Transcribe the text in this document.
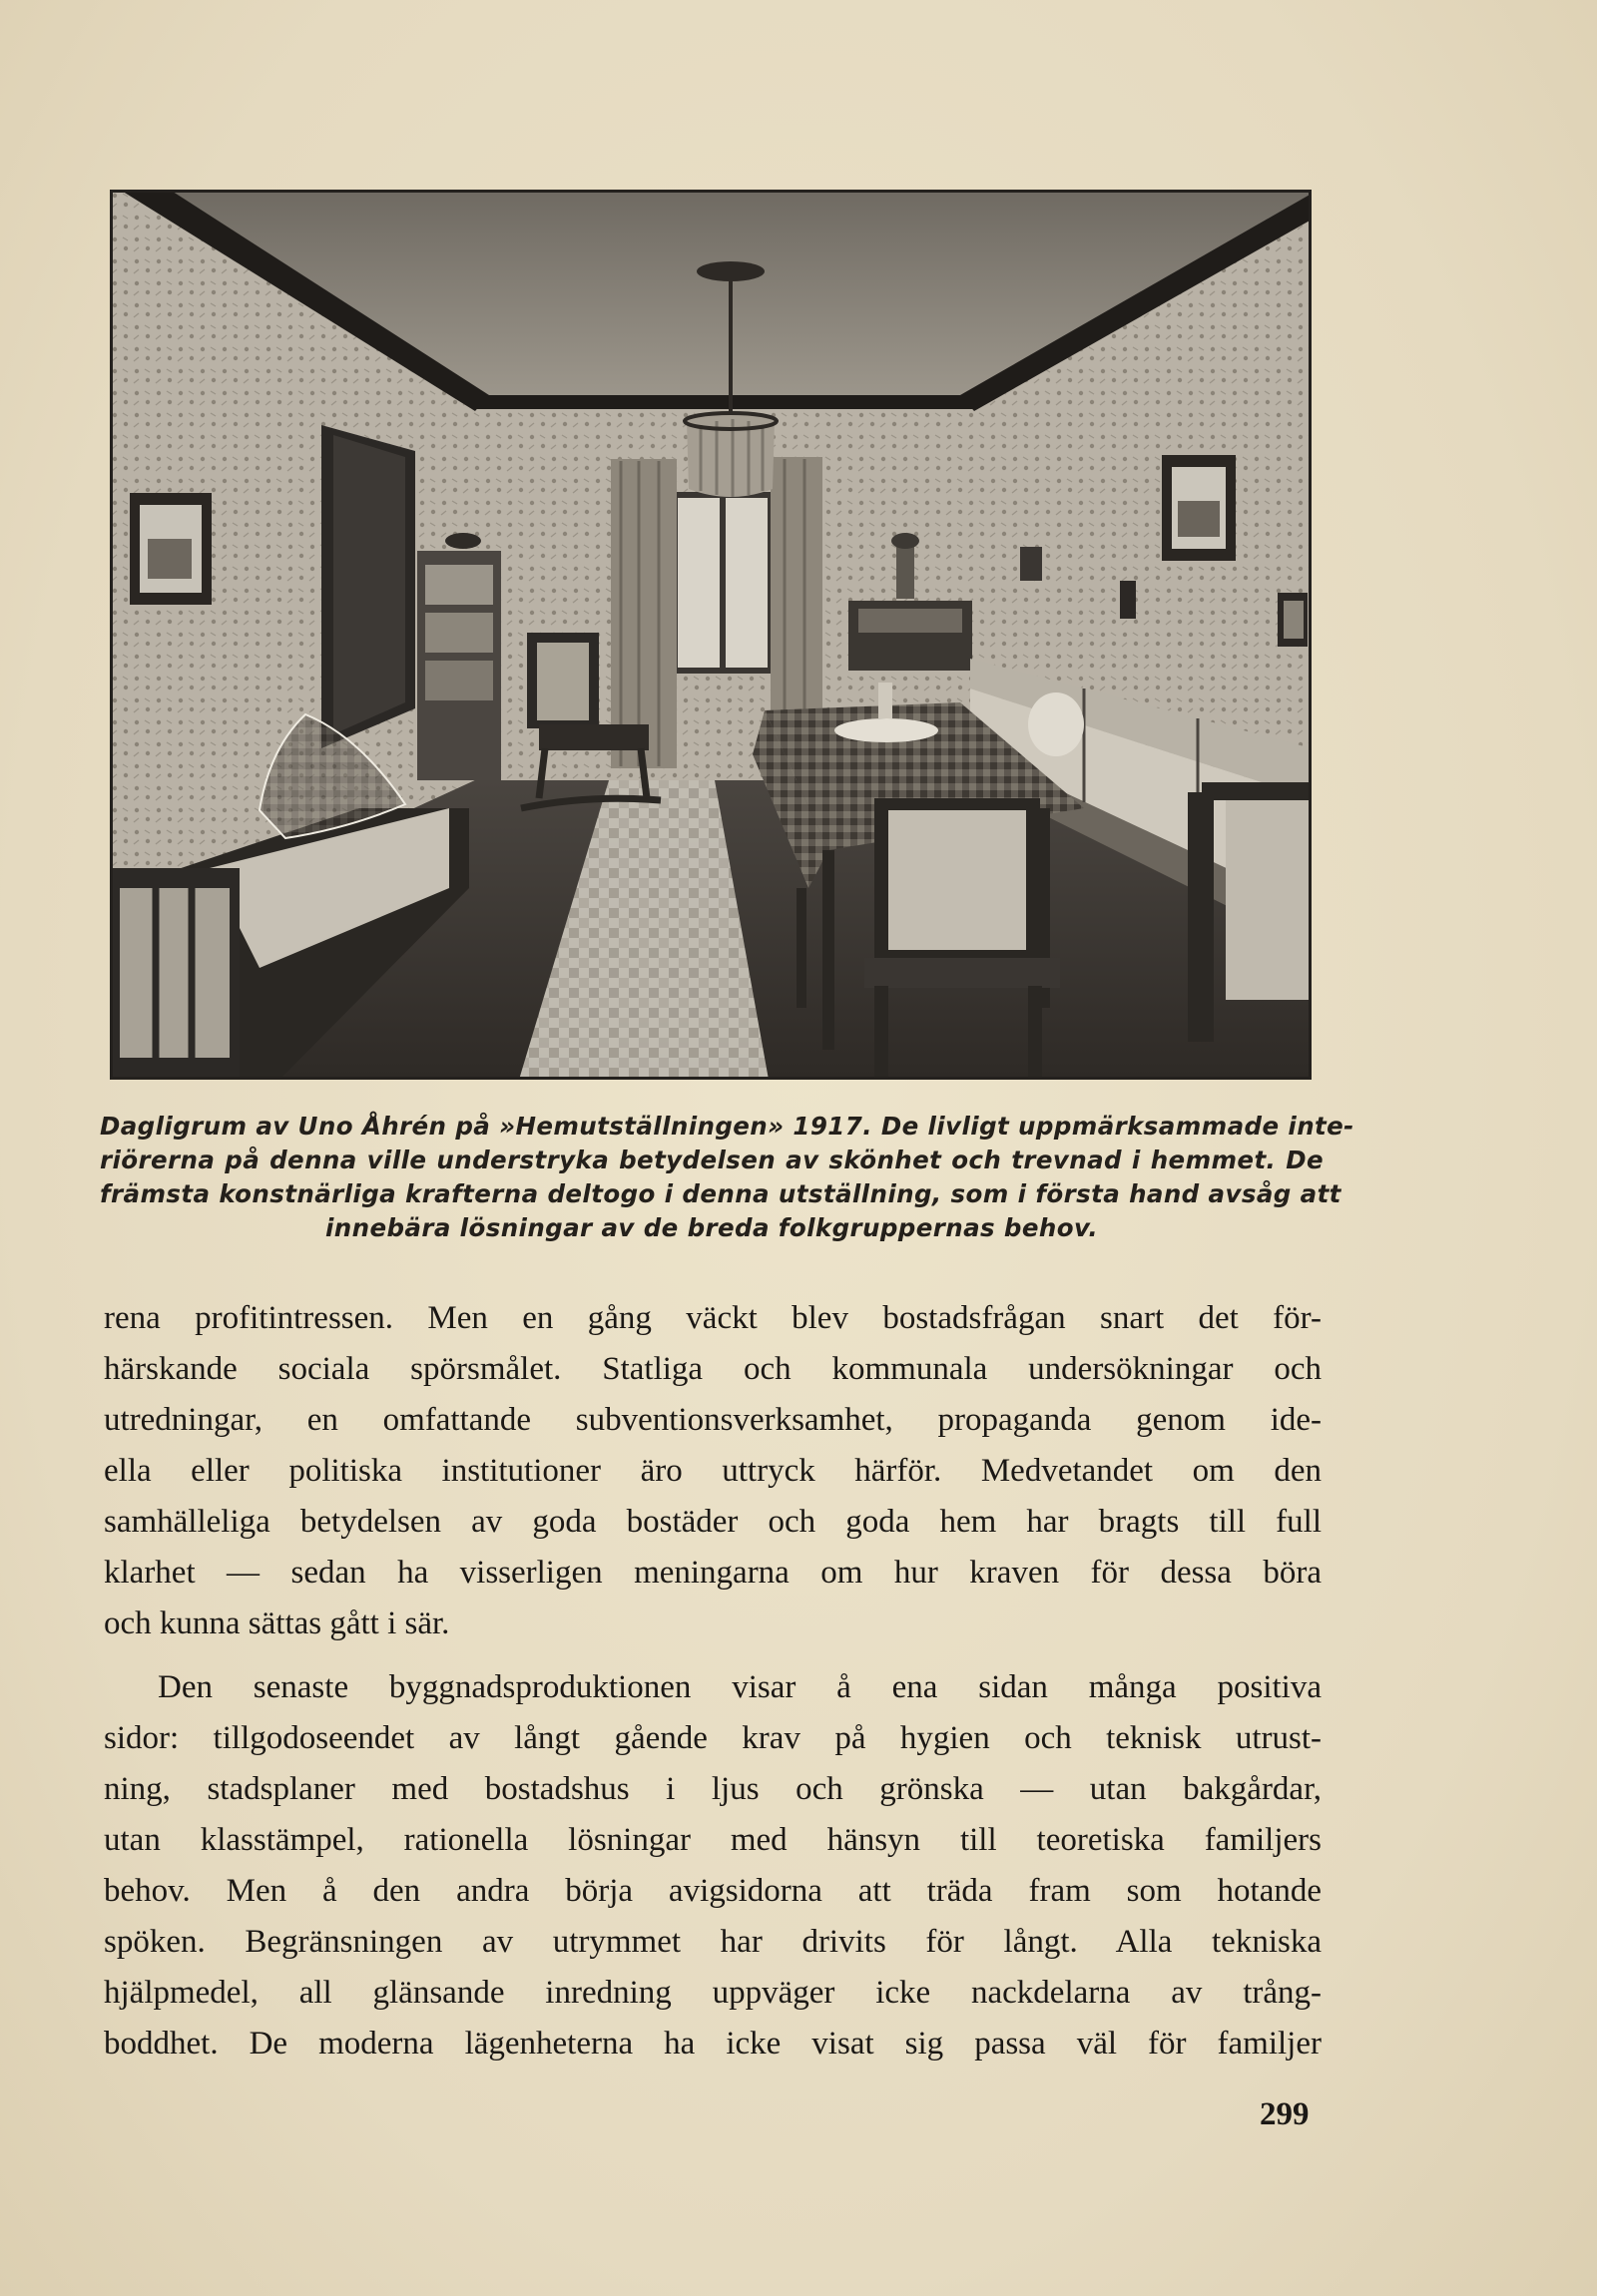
Dagligrum av Uno Åhrén på »Hemutställningen» 1917. De livligt uppmärksammade inte-
riörerna på denna ville understryka betydelsen av skönhet och trevnad i hemmet. De
främsta konstnärliga krafterna deltogo i denna utställning, som i första hand avsåg att
innebära lösningar av de breda folkgruppernas behov.
rena profitintressen. Men en gång väckt blev bostadsfrågan snart det för-
härskande sociala spörsmålet. Statliga och kommunala undersökningar och
utredningar, en omfattande subventionsverksamhet, propaganda genom ide-
ella eller politiska institutioner äro uttryck härför. Medvetandet om den
samhälleliga betydelsen av goda bostäder och goda hem har bragts till full
klarhet — sedan ha visserligen meningarna om hur kraven för dessa böra
och kunna sättas gått i sär.
Den senaste byggnadsproduktionen visar å ena sidan många positiva
sidor: tillgodoseendet av långt gående krav på hygien och teknisk utrust-
ning, stadsplaner med bostadshus i ljus och grönska — utan bakgårdar,
utan klasstämpel, rationella lösningar med hänsyn till teoretiska familjers
behov. Men å den andra börja avigsidorna att träda fram som hotande
spöken. Begränsningen av utrymmet har drivits för långt. Alla tekniska
hjälpmedel, all glänsande inredning uppväger icke nackdelarna av trång-
boddhet. De moderna lägenheterna ha icke visat sig passa väl för familjer
299
